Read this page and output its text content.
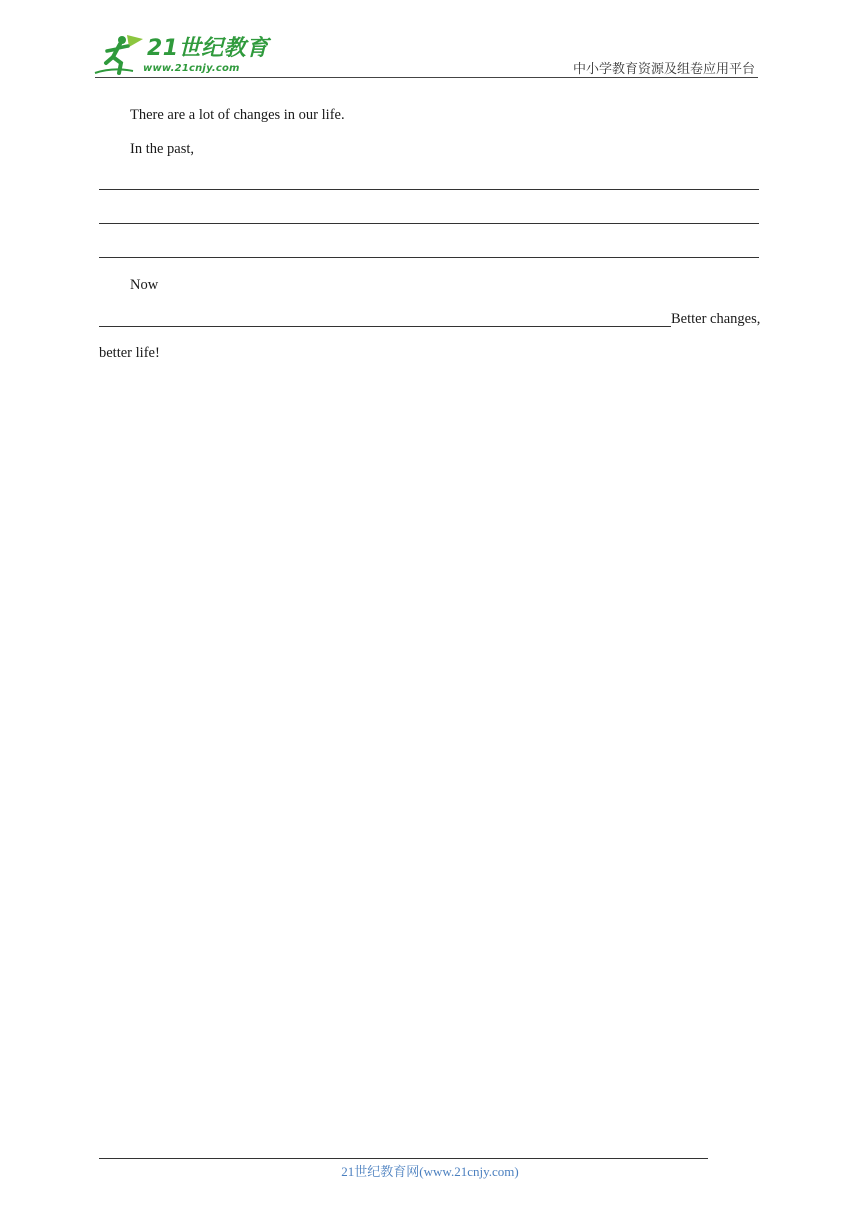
21世纪教育
www.21cnjy.com	中小学教育资源及组卷应用平台
There are a lot of changes in our life.
In the past,
Now
Better changes,
better life!
21世纪教育网(www.21cnjy.com)
